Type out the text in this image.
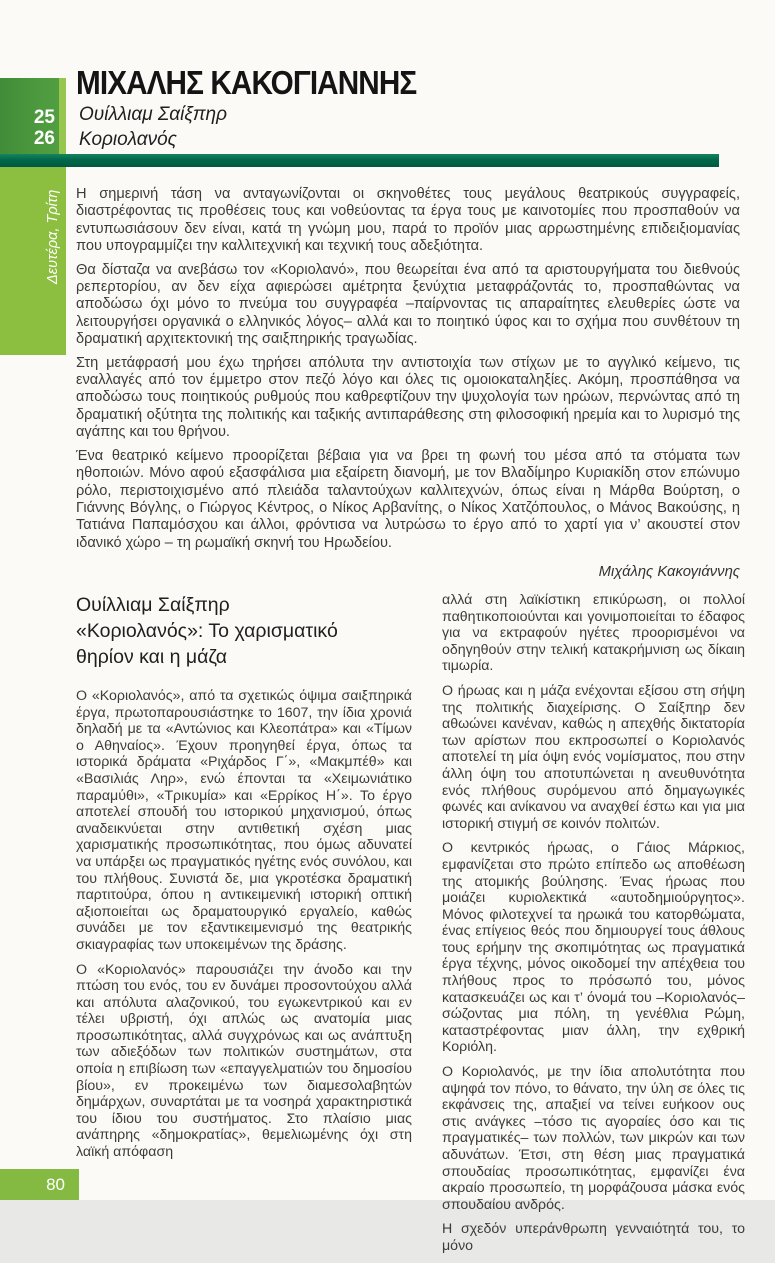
ΜΙΧΑΛΗΣ ΚΑΚΟΓΙΑΝΝΗΣ
25
26
Ουίλλιαμ Σαίξπηρ
Κοριολανός
Δευτέρα, Τρίτη Η σημερινή τάση να ανταγωνίζονται οι σκηνοθέτες τους μεγάλους θεατρικούς συγγραφείς, διαστρέφοντας τις προθέσεις τους και νοθεύοντας τα έργα τους με καινοτομίες που προσπαθούν να εντυπωσιάσουν δεν είναι, κατά τη γνώμη μου, παρά το προϊόν μιας αρρωστημένης επιδειξιομανίας που υπογραμμίζει την καλλιτεχνική και τεχνική τους αδεξιότητα.

Θα δίσταζα να ανεβάσω τον «Κοριολανό», που θεωρείται ένα από τα αριστουργήματα του διεθνούς ρεπερτορίου, αν δεν είχα αφιερώσει αμέτρητα ξενύχτια μεταφράζοντάς το, προσπαθώντας να αποδώσω όχι μόνο το πνεύμα του συγγραφέα –παίρνοντας τις απαραίτητες ελευθερίες ώστε να λειτουργήσει οργανικά ο ελληνικός λόγος– αλλά και το ποιητικό ύφος και το σχήμα που συνθέτουν τη δραματική αρχιτεκτονική της σαιξπηρικής τραγωδίας.

Στη μετάφρασή μου έχω τηρήσει απόλυτα την αντιστοιχία των στίχων με το αγγλικό κείμενο, τις εναλλαγές από τον έμμετρο στον πεζό λόγο και όλες τις ομοιοκαταληξίες. Ακόμη, προσπάθησα να αποδώσω τους ποιητικούς ρυθμούς που καθρεφτίζουν την ψυχολογία των ηρώων, περνώντας από τη δραματική οξύτητα της πολιτικής και ταξικής αντιπαράθεσης στη φιλοσοφική ηρεμία και το λυρισμό της αγάπης και του θρήνου.

Ένα θεατρικό κείμενο προορίζεται βέβαια για να βρει τη φωνή του μέσα από τα στόματα των ηθοποιών. Μόνο αφού εξασφάλισα μια εξαίρετη διανομή, με τον Βλαδίμηρο Κυριακίδη στον επώνυμο ρόλο, περιστοιχισμένο από πλειάδα ταλαντούχων καλλιτεχνών, όπως είναι η Μάρθα Βούρτση, ο Γιάννης Βόγλης, ο Γιώργος Κέντρος, ο Νίκος Αρβανίτης, ο Νίκος Χατζόπουλος, ο Μάνος Βακούσης, η Τατιάνα Παπαμόσχου και άλλοι, φρόντισα να λυτρώσω το έργο από το χαρτί για ν’ ακουστεί στον ιδανικό χώρο – τη ρωμαϊκή σκηνή του Ηρωδείου.

Μιχάλης Κακογιάννης
Ουίλλιαμ Σαίξπηρ
«Κοριολανός»: Το χαρισματικό
θηρίον και η μάζα

Ο «Κοριολανός», από τα σχετικώς όψιμα σαιξπηρικά έργα, πρωτοπαρουσιάστηκε το 1607, την ίδια χρονιά δηλαδή με τα «Αντώνιος και Κλεοπάτρα» και «Τίμων ο Αθηναίος». Έχουν προηγηθεί έργα, όπως τα ιστορικά δράματα «Ριχάρδος Γ΄», «Μακμπέθ» και «Βασιλιάς Ληρ», ενώ έπονται τα «Χειμωνιάτικο παραμύθι», «Τρικυμία» και «Ερρίκος Η΄». Το έργο αποτελεί σπουδή του ιστορικού μηχανισμού, όπως αναδεικνύεται στην αντιθετική σχέση μιας χαρισματικής προσωπικότητας, που όμως αδυνατεί να υπάρξει ως πραγματικός ηγέτης ενός συνόλου, και του πλήθους. Συνιστά δε, μια γκροτέσκα δραματική παρτιτούρα, όπου η αντικειμενική ιστορική οπτική αξιοποιείται ως δραματουργικό εργαλείο, καθώς συνάδει με τον εξαντικειμενισμό της θεατρικής σκιαγραφίας των υποκειμένων της δράσης.

Ο «Κοριολανός» παρουσιάζει την άνοδο και την πτώση του ενός, του εν δυνάμει προσοντούχου αλλά και απόλυτα αλαζονικού, του εγωκεντρικού και εν τέλει υβριστή, όχι απλώς ως ανατομία μιας προσωπικότητας, αλλά συγχρόνως και ως ανάπτυξη των αδιεξόδων των πολιτικών συστημάτων, στα οποία η επιβίωση των «επαγγελματιών του δημοσίου βίου», εν προκειμένω των διαμεσολαβητών δημάρχων, συναρτάται με τα νοσηρά χαρακτηριστικά του ίδιου του συστήματος. Στο πλαίσιο μιας ανάπηρης «δημοκρατίας», θεμελιωμένης όχι στη λαϊκή απόφαση

αλλά στη λαϊκίστικη επικύρωση, οι πολλοί παθητικοποιούνται και γονιμοποιείται το έδαφος για να εκτραφούν ηγέτες προορισμένοι να οδηγηθούν στην τελική κατακρήμνιση ως δίκαιη τιμωρία.

Ο ήρωας και η μάζα ενέχονται εξίσου στη σήψη της πολιτικής διαχείρισης. Ο Σαίξπηρ δεν αθωώνει κανέναν, καθώς η απεχθής δικτατορία των αρίστων που εκπροσωπεί ο Κοριολανός αποτελεί τη μία όψη ενός νομίσματος, που στην άλλη όψη του αποτυπώνεται η ανευθυνότητα ενός πλήθους συρόμενου από δημαγωγικές φωνές και ανίκανου να αναχθεί έστω και για μια ιστορική στιγμή σε κοινόν πολιτών.

Ο κεντρικός ήρωας, ο Γάιος Μάρκιος, εμφανίζεται στο πρώτο επίπεδο ως αποθέωση της ατομικής βούλησης. Ένας ήρωας που μοιάζει κυριολεκτικά «αυτοδημιούργητος». Μόνος φιλοτεχνεί τα ηρωικά του κατορθώματα, ένας επίγειος θεός που δημιουργεί τους άθλους τους ερήμην της σκοπιμότητας ως πραγματικά έργα τέχνης, μόνος οικοδομεί την απέχθεια του πλήθους προς το πρόσωπό του, μόνος κατασκευάζει ως και τ’ όνομά του –Κοριολανός– σώζοντας μια πόλη, τη γενέθλια Ρώμη, καταστρέφοντας μιαν άλλη, την εχθρική Κοριόλη.

Ο Κοριολανός, με την ίδια απολυτότητα που αψηφά τον πόνο, το θάνατο, την ύλη σε όλες τις εκφάνσεις της, απαξιεί να τείνει ευήκοον ους στις ανάγκες –τόσο τις αγοραίες όσο και τις πραγματικές– των πολλών, των μικρών και των αδυνάτων. Έτσι, στη θέση μιας πραγματικά σπουδαίας προσωπικότητας, εμφανίζει ένα ακραίο προσωπείο, τη μορφάζουσα μάσκα ενός σπουδαίου ανδρός.

Η σχεδόν υπεράνθρωπη γενναιότητά του, το μόνο

80
